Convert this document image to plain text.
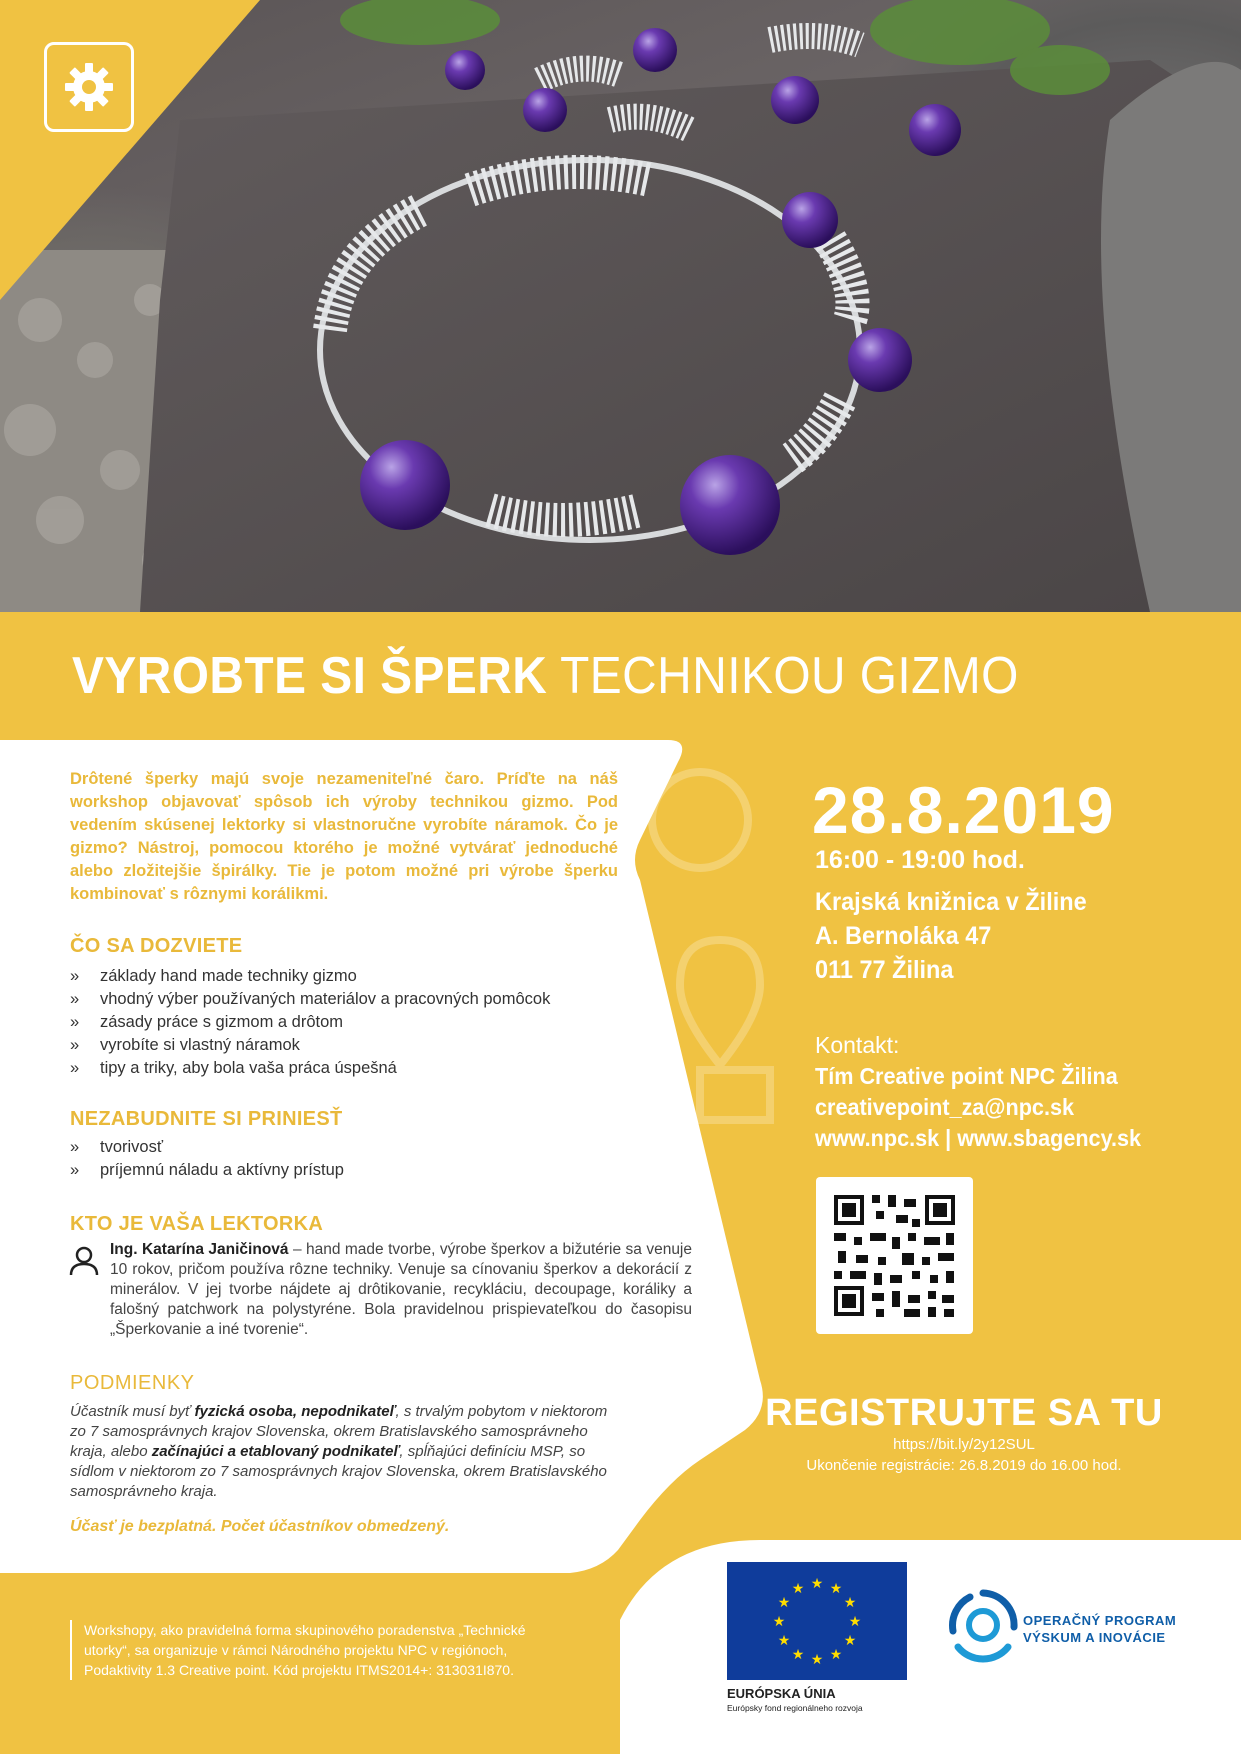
VYROBTE SI ŠPERK TECHNIKOU GIZMO
Drôtené šperky majú svoje nezameniteľné čaro. Príďte na náš workshop objavovať spôsob ich výroby technikou gizmo. Pod vedením skúsenej lektorky si vlastnoručne vyrobíte náramok. Čo je gizmo? Nástroj, pomocou ktorého je možné vytvárať jednoduché alebo zložitejšie špirálky. Tie je potom možné pri výrobe šperku kombinovať s rôznymi korálikmi.
ČO SA DOZVIETE
» základy hand made techniky gizmo
» vhodný výber používaných materiálov a pracovných pomôcok
» zásady práce s gizmom a drôtom
» vyrobíte si vlastný náramok
» tipy a triky, aby bola vaša práca úspešná
NEZABUDNITE SI PRINIESŤ
» tvorivosť
» príjemnú náladu a aktívny prístup
KTO JE VAŠA LEKTORKA
Ing. Katarína Janičinová – hand made tvorbe, výrobe šperkov a bižutérie sa venuje 10 rokov, pričom používa rôzne techniky. Venuje sa cínovaniu šperkov a dekorácií z minerálov. V jej tvorbe nájdete aj drôtikovanie, recykláciu, decoupage, koráliky a falošný patchwork na polystyréne. Bola pravidelnou prispievateľkou do časopisu „Šperkovanie a iné tvorenie“.
PODMIENKY
Účastník musí byť fyzická osoba, nepodnikateľ, s trvalým pobytom v niektorom zo 7 samosprávnych krajov Slovenska, okrem Bratislavského samosprávneho kraja, alebo začínajúci a etablovaný podnikateľ, spĺňajúci definíciu MSP, so sídlom v niektorom zo 7 samosprávnych krajov Slovenska, okrem Bratislavského samosprávneho kraja.
Účasť je bezplatná. Počet účastníkov obmedzený.
28.8.2019
16:00 - 19:00 hod.
Krajská knižnica v Žiline
A. Bernoláka 47
011 77 Žilina
Kontakt:
Tím Creative point NPC Žilina
creativepoint_za@npc.sk
www.npc.sk | www.sbagency.sk
REGISTRUJTE SA TU
https://bit.ly/2y12SUL
Ukončenie registrácie: 26.8.2019 do 16.00 hod.
Workshopy, ako pravidelná forma skupinového poradenstva „Technické utorky“, sa organizuje v rámci Národného projektu NPC v regiónoch, Podaktivity 1.3 Creative point. Kód projektu ITMS2014+: 313031I870.
★ ★
★
★
★
★
★
★
★
★
★
★
EURÓPSKA ÚNIA
Európsky fond regionálneho rozvoja
OPERAČNÝ PROGRAM
VÝSKUM A INOVÁCIE
